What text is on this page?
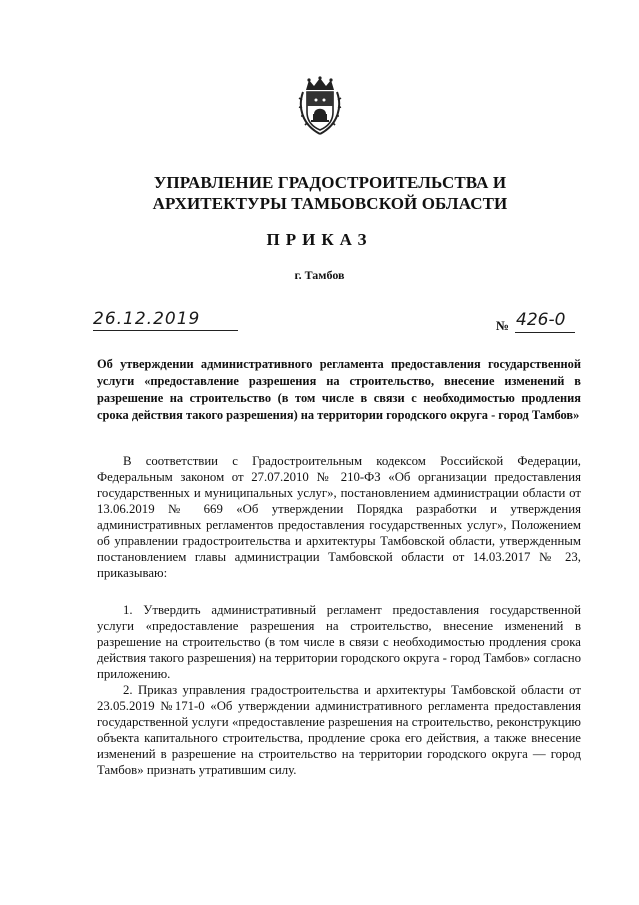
УПРАВЛЕНИЕ ГРАДОСТРОИТЕЛЬСТВА И АРХИТЕКТУРЫ ТАМБОВСКОЙ ОБЛАСТИ
ПРИКАЗ
г. Тамбов
26.12.2019	№ 426-0
Об утверждении административного регламента предоставления государственной услуги «предоставление разрешения на строительство, внесение изменений в разрешение на строительство (в том числе в связи с необходимостью продления срока действия такого разрешения) на территории городского округа - город Тамбов»
В соответствии с Градостроительным кодексом Российской Федерации, Федеральным законом от 27.07.2010 № 210-ФЗ «Об организации предоставления государственных и муниципальных услуг», постановлением администрации области от 13.06.2019 № 669 «Об утверждении Порядка разработки и утверждения административных регламентов предоставления государственных услуг», Положением об управлении градостроительства и архитектуры Тамбовской области, утвержденным постановлением главы администрации Тамбовской области от 14.03.2017 № 23, приказываю:
1. Утвердить административный регламент предоставления государственной услуги «предоставление разрешения на строительство, внесение изменений в разрешение на строительство (в том числе в связи с необходимостью продления срока действия такого разрешения) на территории городского округа - город Тамбов» согласно приложению.
2. Приказ управления градостроительства и архитектуры Тамбовской области от 23.05.2019 №171-0 «Об утверждении административного регламента предоставления государственной услуги «предоставление разрешения на строительство, реконструкцию объекта капитального строительства, продление срока его действия, а также внесение изменений в разрешение на строительство на территории городского округа — город Тамбов» признать утратившим силу.
